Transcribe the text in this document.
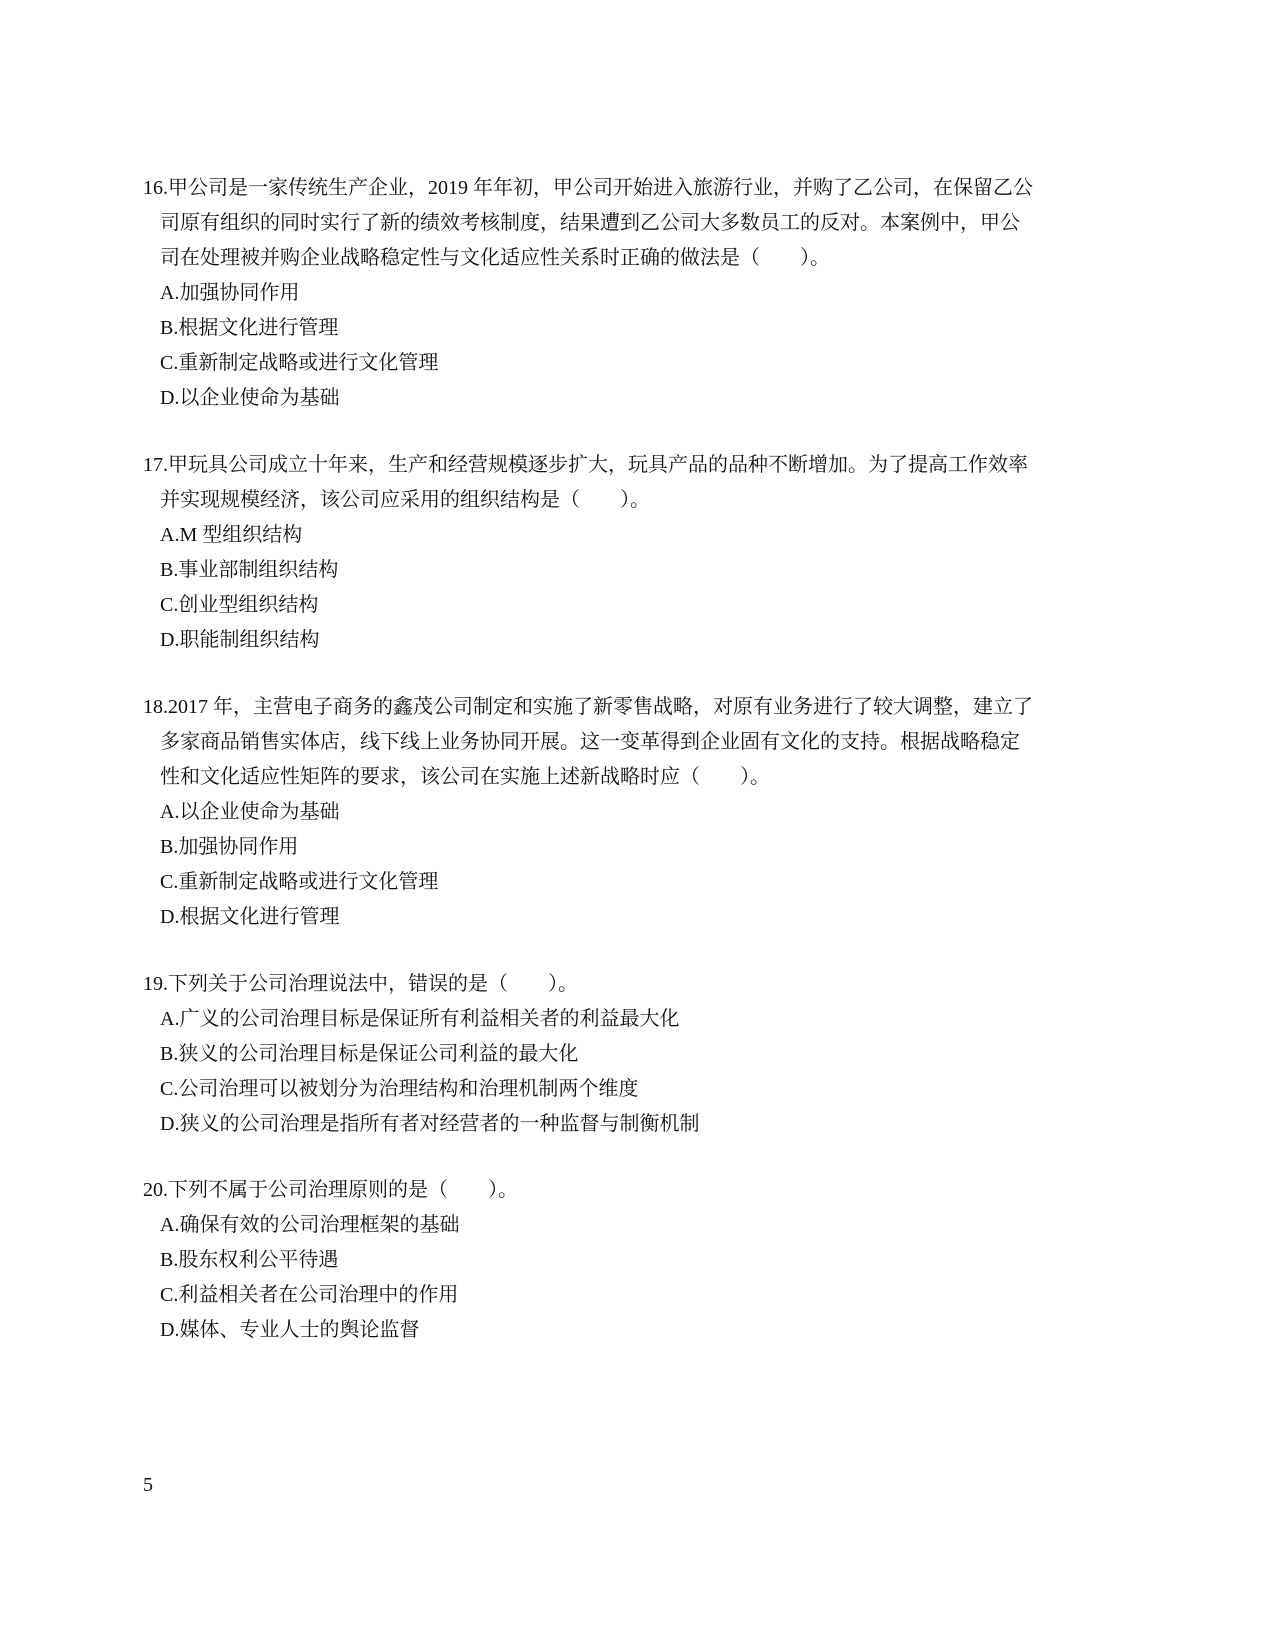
16.甲公司是一家传统生产企业，2019 年年初，甲公司开始进入旅游行业，并购了乙公司，在保留乙公
司原有组织的同时实行了新的绩效考核制度，结果遭到乙公司大多数员工的反对。本案例中，甲公
司在处理被并购企业战略稳定性与文化适应性关系时正确的做法是（　　）。
A.加强协同作用
B.根据文化进行管理
C.重新制定战略或进行文化管理
D.以企业使命为基础
17.甲玩具公司成立十年来，生产和经营规模逐步扩大，玩具产品的品种不断增加。为了提高工作效率
并实现规模经济，该公司应采用的组织结构是（　　）。
A.M 型组织结构
B.事业部制组织结构
C.创业型组织结构
D.职能制组织结构
18.2017 年，主营电子商务的鑫茂公司制定和实施了新零售战略，对原有业务进行了较大调整，建立了
多家商品销售实体店，线下线上业务协同开展。这一变革得到企业固有文化的支持。根据战略稳定
性和文化适应性矩阵的要求，该公司在实施上述新战略时应（　　）。
A.以企业使命为基础
B.加强协同作用
C.重新制定战略或进行文化管理
D.根据文化进行管理
19.下列关于公司治理说法中，错误的是（　　）。
A.广义的公司治理目标是保证所有利益相关者的利益最大化
B.狭义的公司治理目标是保证公司利益的最大化
C.公司治理可以被划分为治理结构和治理机制两个维度
D.狭义的公司治理是指所有者对经营者的一种监督与制衡机制
20.下列不属于公司治理原则的是（　　）。
A.确保有效的公司治理框架的基础
B.股东权利公平待遇
C.利益相关者在公司治理中的作用
D.媒体、专业人士的舆论监督
5
